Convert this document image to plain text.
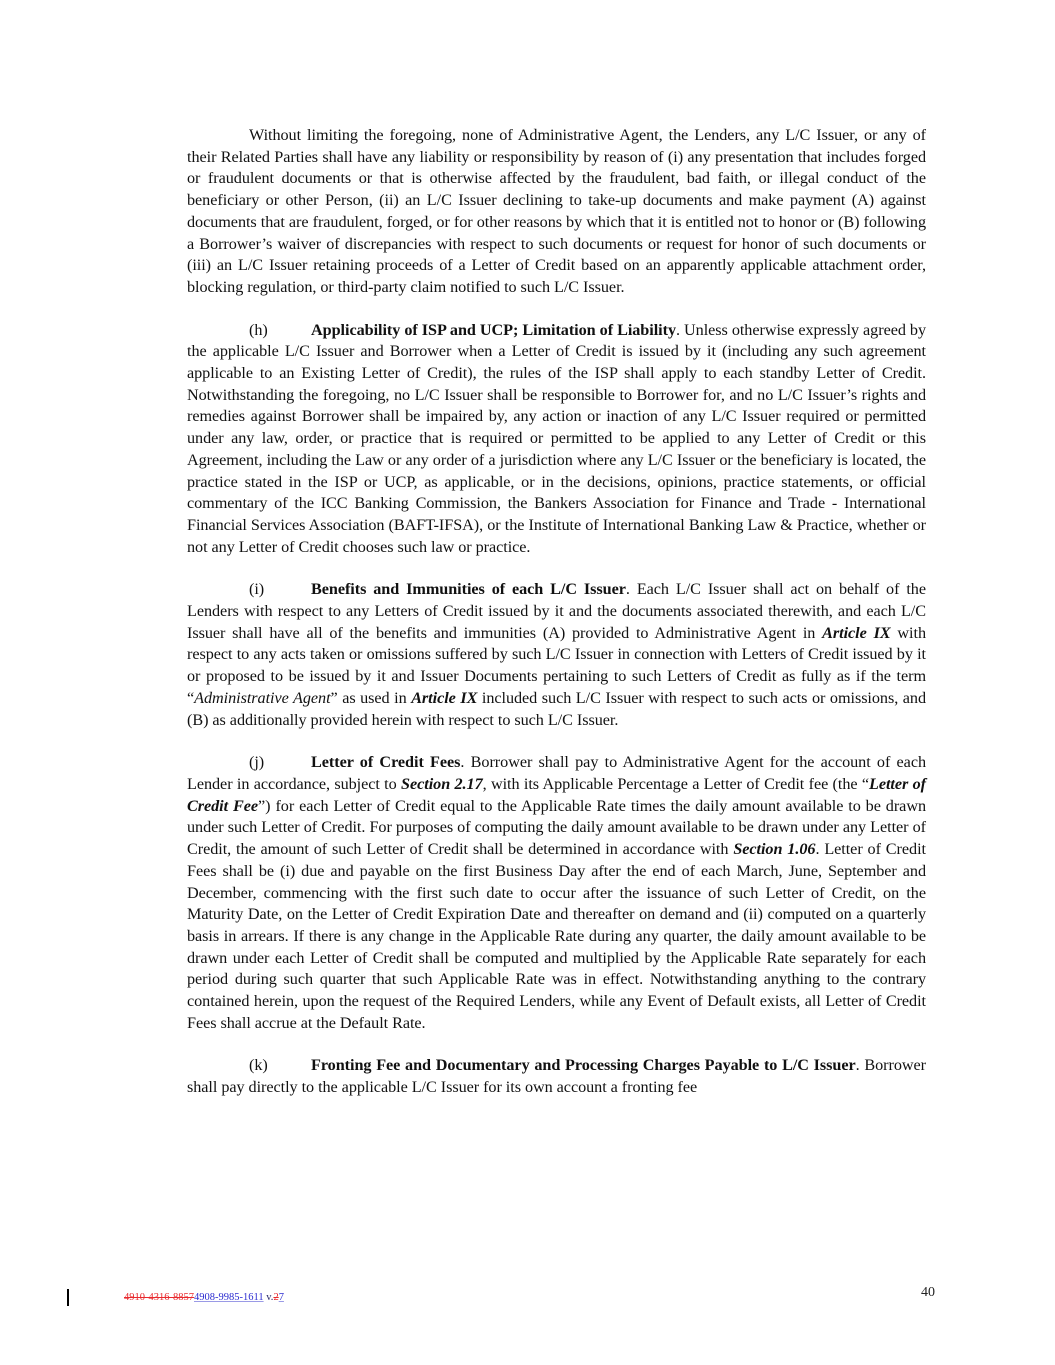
Without limiting the foregoing, none of Administrative Agent, the Lenders, any L/C Issuer, or any of their Related Parties shall have any liability or responsibility by reason of (i) any presentation that includes forged or fraudulent documents or that is otherwise affected by the fraudulent, bad faith, or illegal conduct of the beneficiary or other Person, (ii) an L/C Issuer declining to take-up documents and make payment (A) against documents that are fraudulent, forged, or for other reasons by which that it is entitled not to honor or (B) following a Borrower’s waiver of discrepancies with respect to such documents or request for honor of such documents or (iii) an L/C Issuer retaining proceeds of a Letter of Credit based on an apparently applicable attachment order, blocking regulation, or third-party claim notified to such L/C Issuer.

(h)	Applicability of ISP and UCP; Limitation of Liability. Unless otherwise expressly agreed by the applicable L/C Issuer and Borrower when a Letter of Credit is issued by it (including any such agreement applicable to an Existing Letter of Credit), the rules of the ISP shall apply to each standby Letter of Credit. Notwithstanding the foregoing, no L/C Issuer shall be responsible to Borrower for, and no L/C Issuer’s rights and remedies against Borrower shall be impaired by, any action or inaction of any L/C Issuer required or permitted under any law, order, or practice that is required or permitted to be applied to any Letter of Credit or this Agreement, including the Law or any order of a jurisdiction where any L/C Issuer or the beneficiary is located, the practice stated in the ISP or UCP, as applicable, or in the decisions, opinions, practice statements, or official commentary of the ICC Banking Commission, the Bankers Association for Finance and Trade - International Financial Services Association (BAFT-IFSA), or the Institute of International Banking Law & Practice, whether or not any Letter of Credit chooses such law or practice.

(i)	Benefits and Immunities of each L/C Issuer. Each L/C Issuer shall act on behalf of the Lenders with respect to any Letters of Credit issued by it and the documents associated therewith, and each L/C Issuer shall have all of the benefits and immunities (A) provided to Administrative Agent in Article IX with respect to any acts taken or omissions suffered by such L/C Issuer in connection with Letters of Credit issued by it or proposed to be issued by it and Issuer Documents pertaining to such Letters of Credit as fully as if the term “Administrative Agent” as used in Article IX included such L/C Issuer with respect to such acts or omissions, and (B) as additionally provided herein with respect to such L/C Issuer.

(j)	Letter of Credit Fees. Borrower shall pay to Administrative Agent for the account of each Lender in accordance, subject to Section 2.17, with its Applicable Percentage a Letter of Credit fee (the “Letter of Credit Fee”) for each Letter of Credit equal to the Applicable Rate times the daily amount available to be drawn under such Letter of Credit. For purposes of computing the daily amount available to be drawn under any Letter of Credit, the amount of such Letter of Credit shall be determined in accordance with Section 1.06. Letter of Credit Fees shall be (i) due and payable on the first Business Day after the end of each March, June, September and December, commencing with the first such date to occur after the issuance of such Letter of Credit, on the Maturity Date, on the Letter of Credit Expiration Date and thereafter on demand and (ii) computed on a quarterly basis in arrears. If there is any change in the Applicable Rate during any quarter, the daily amount available to be drawn under each Letter of Credit shall be computed and multiplied by the Applicable Rate separately for each period during such quarter that such Applicable Rate was in effect. Notwithstanding anything to the contrary contained herein, upon the request of the Required Lenders, while any Event of Default exists, all Letter of Credit Fees shall accrue at the Default Rate.

(k)	Fronting Fee and Documentary and Processing Charges Payable to L/C Issuer. Borrower shall pay directly to the applicable L/C Issuer for its own account a fronting fee

4910-4316-88574908-9985-1611 v.27	40
